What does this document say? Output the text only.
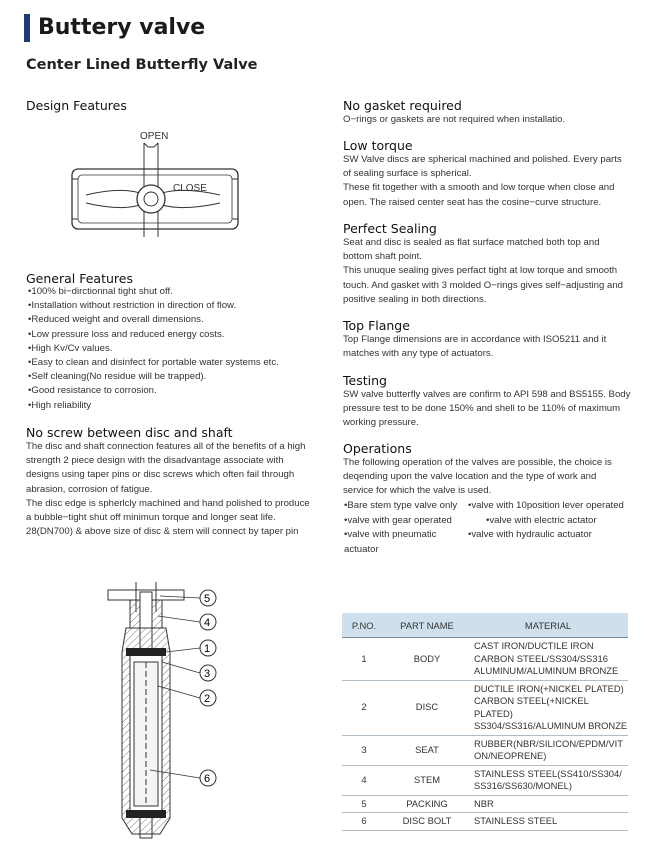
Buttery valve
Center Lined Butterfly Valve
Design Features
OPEN
CLOSE
General Features
• 100% bi−dirctionnal tight shut off.
• Installation without restriction in direction of flow.
• Reduced weight and overall dimensions.
• Low pressure loss and reduced energy costs.
• High Kv/Cv values.
• Easy to clean and disinfect for portable water systems etc.
• Self cleaning(No residue will be trapped).
• Good resistance to corrosion.
• High reliability
No screw between disc and shaft

The disc and shaft connection features all of the benefits of a high strength 2 piece design with the disadvantage associate with designs using taper pins or disc screws which often fail through abrasion, corrosion of fatigue.

The disc edge is spherlcly machined and hand polished to produce a bubble−tight shut off minimun torque and longer seat life.

28(DN700) & above size of disc & stem will connect by taper pin

No gasket required

O−rings or gaskets are not required when installatio.

Low torque

SW Valve discs are spherical machined and polished. Every parts of sealing surface is spherical.

These fit together with a smooth and low torque when close and open. The raised center seat has the cosine−curve structure.

Perfect Sealing

Seat and disc is sealed as flat surface matched both top and bottom shaft point.

This unuque sealing gives perfact tight at low torque and smooth touch. And gasket with 3 molded O−rings gives self−adjusting and positive sealing in both directions.

Top Flange

Top Flange dimensions are in accordance with ISO5211 and it matches with any type of actuators.

Testing

SW valve butterfly valves are confirm to API 598 and BS5155. Body pressure test to be done 150% and shell to be 110% of maximum working pressure.

Operations

The following operation of the valves are possible, the choice is deqending upon the valve location and the type of work and service for which the valve is used.

• Bare stem type valve only	• valve with 10position lever operated
• valve with gear operated	• valve with electric actator
• valve with pneumatic actuator
• valve with hydraulic actuator
5
4
1
3
2
6
P.NO.	PART NAME	MATERIAL
1	BODY	CAST IRON/DUCTILE IRON
CARBON STEEL/SS304/SS316
ALUMINUM/ALUMINUM BRONZE

2	DISC	DUCTILE IRON(+NICKEL PLATED)
CARBON STEEL(+NICKEL PLATED)
SS304/SS316/ALUMINUM BRONZE

3	SEAT	RUBBER(NBR/SILICON/EPDM/VIT
ON/NEOPRENE)

4	STEM	STAINLESS STEEL(SS410/SS304/
SS316/SS630/MONEL)

5	PACKING	NBR
6	DISC BOLT	STAINLESS STEEL
